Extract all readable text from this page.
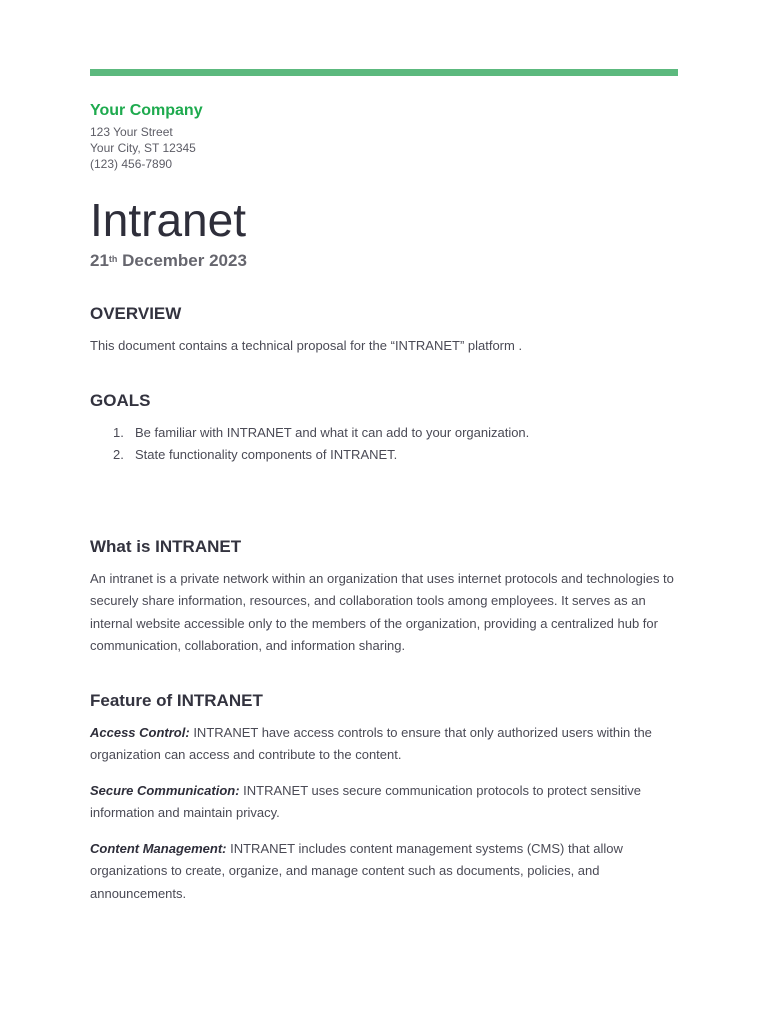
Your Company
123 Your Street
Your City, ST 12345
(123) 456-7890
Intranet
21th December 2023
OVERVIEW
This document contains a technical proposal for the “INTRANET” platform .
GOALS
1. Be familiar with INTRANET and what it can add to your organization.
2. State functionality components of INTRANET.
What is INTRANET
An intranet is a private network within an organization that uses internet protocols and technologies to securely share information, resources, and collaboration tools among employees. It serves as an internal website accessible only to the members of the organization, providing a centralized hub for communication, collaboration, and information sharing.
Feature of INTRANET
Access Control: INTRANET have access controls to ensure that only authorized users within the organization can access and contribute to the content.
Secure Communication: INTRANET uses secure communication protocols to protect sensitive information and maintain privacy.
Content Management: INTRANET includes content management systems (CMS) that allow organizations to create, organize, and manage content such as documents, policies, and announcements.
